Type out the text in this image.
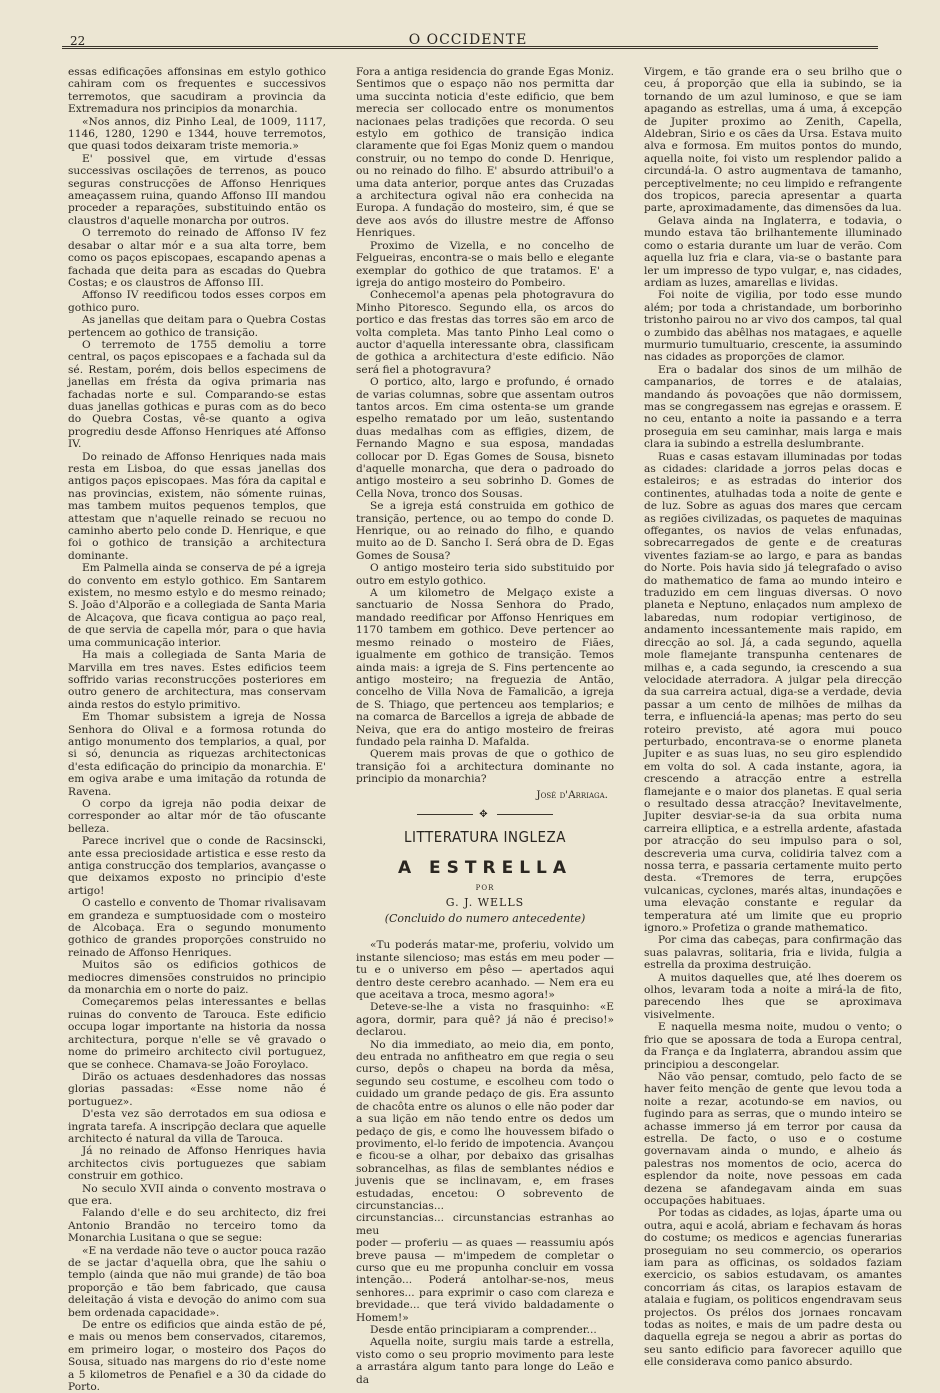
22	O OCCIDENTE

essas edificações affonsinas em estylo gothico cahiram com os frequentes e successivos terremotos, que sacudiram a provincia da Extremadura nos principios da monarchia.

«Nos annos, diz Pinho Leal, de 1009, 1117, 1146, 1280, 1290 e 1344, houve terremotos, que quasi todos deixaram triste memoria.»

E' possivel que, em virtude d'essas successivas oscilações de terrenos, as pouco seguras construcções de Affonso Henriques ameaçassem ruina, quando Affonso III mandou proceder a reparações, substituindo então os claustros d'aquelle monarcha por outros.

O terremoto do reinado de Affonso IV fez desabar o altar mór e a sua alta torre, bem como os paços episcopaes, escapando apenas a fachada que deita para as escadas do Quebra Costas; e os claustros de Affonso III.

Affonso IV reedificou todos esses corpos em gothico puro.

As janellas que deitam para o Quebra Costas pertencem ao gothico de transição.

O terremoto de 1755 demoliu a torre central, os paços episcopaes e a fachada sul da sé. Restam, porém, dois bellos especimens de janellas em frésta da ogiva primaria nas fachadas norte e sul. Comparando-se estas duas janellas gothicas e puras com as do beco do Quebra Costas, vê-se quanto a ogiva progrediu desde Affonso Henriques até Affonso IV.

Do reinado de Affonso Henriques nada mais resta em Lisboa, do que essas janellas dos antigos paços episcopaes. Mas fóra da capital e nas provincias, existem, não sómente ruinas, mas tambem muitos pequenos templos, que attestam que n'aquelle reinado se recuou no caminho aberto pelo conde D. Henrique, e que foi o gothico de transição a architectura dominante.

Em Palmella ainda se conserva de pé a igreja do convento em estylo gothico. Em Santarem existem, no mesmo estylo e do mesmo reinado; S. João d'Alporão e a collegiada de Santa Maria de Alcaçova, que ficava contigua ao paço real, de que servia de capella mór, para o que havia uma communicação interior.

Ha mais a collegiada de Santa Maria de Marvilla em tres naves. Estes edificios teem soffrido varias reconstrucções posteriores em outro genero de architectura, mas conservam ainda restos do estylo primitivo.

Em Thomar subsistem a igreja de Nossa Senhora do Olival e a formosa rotunda do antigo monumento dos templarios, a qual, por si só, denuncia as riquezas architectonicas d'esta edificação do principio da monarchia. E' em ogiva arabe e uma imitação da rotunda de Ravena.

O corpo da igreja não podia deixar de corresponder ao altar mór de tão ofuscante belleza.

Parece incrivel que o conde de Racsinscki, ante essa preciosidade artistica e esse resto da antiga construcção dos templarios, avançasse o que deixamos exposto no principio d'este artigo!

O castello e convento de Thomar rivalisavam em grandeza e sumptuosidade com o mosteiro de Alcobaça. Era o segundo monumento gothico de grandes proporções construido no reinado de Affonso Henriques.

Muitos são os edificios gothicos de mediocres dimensões construidos no principio da monarchia em o norte do paiz.

Começaremos pelas interessantes e bellas ruinas do convento de Tarouca. Este edificio occupa logar importante na historia da nossa architectura, porque n'elle se vê gravado o nome do primeiro architecto civil portuguez, que se conhece. Chamava-se João Foroylaco.

Dirão os actuaes desdenhadores das nossas glorias passadas: «Esse nome não é portuguez».

D'esta vez são derrotados em sua odiosa e ingrata tarefa. A inscripção declara que aquelle architecto é natural da villa de Tarouca.

Já no reinado de Affonso Henriques havia architectos civis portuguezes que sabiam construir em gothico.

No seculo XVII ainda o convento mostrava o que era.

Falando d'elle e do seu architecto, diz frei Antonio Brandão no terceiro tomo da Monarchia Lusitana o que se segue:

«E na verdade não teve o auctor pouca razão de se jactar d'aquella obra, que lhe sahiu o templo (ainda que não mui grande) de tão boa proporção e tão bem fabricado, que causa deleitação á vista e devoção do animo com sua bem ordenada capacidade».

De entre os edificios que ainda estão de pé, e mais ou menos bem conservados, citaremos, em primeiro logar, o mosteiro dos Paços do Sousa, situado nas margens do rio d'este nome a 5 kilometros de Penafiel e a 30 da cidade do Porto.

Fora a antiga residencia do grande Egas Moniz. Sentimos que o espaço não nos permitta dar uma succinta noticia d'este edificio, que bem merecia ser collocado entre os monumentos nacionaes pelas tradições que recorda. O seu estylo em gothico de transição indica claramente que foi Egas Moniz quem o mandou construir, ou no tempo do conde D. Henrique, ou no reinado do filho. E' absurdo attribuil'o a uma data anterior, porque antes das Cruzadas a architectura ogival não era conhecida na Europa. A fundação do mosteiro, sim, é que se deve aos avós do illustre mestre de Affonso Henriques.

Proximo de Vizella, e no concelho de Felgueiras, encontra-se o mais bello e elegante exemplar do gothico de que tratamos. E' a igreja do antigo mosteiro do Pombeiro.

Conhecemol'a apenas pela photogravura do Minho Pitoresco. Segundo ella, os arcos do portico e das frestas das torres são em arco de volta completa. Mas tanto Pinho Leal como o auctor d'aquella interessante obra, classificam de gothica a architectura d'este edificio. Não será fiel a photogravura?

O portico, alto, largo e profundo, é ornado de varias columnas, sobre que assentam outros tantos arcos. Em cima ostenta-se um grande espelho rematado por um leão, sustentando duas medalhas com as effigies, dizem, de Fernando Magno e sua esposa, mandadas collocar por D. Egas Gomes de Sousa, bisneto d'aquelle monarcha, que dera o padroado do antigo mosteiro a seu sobrinho D. Gomes de Cella Nova, tronco dos Sousas.

Se a igreja está construida em gothico de transição, pertence, ou ao tempo do conde D. Henrique, ou ao reinado do filho, e quando muito ao de D. Sancho I. Será obra de D. Egas Gomes de Sousa?

O antigo mosteiro teria sido substituido por outro em estylo gothico.

A um kilometro de Melgaço existe a sanctuario de Nossa Senhora do Prado, mandado reedificar por Affonso Henriques em 1170 tambem em gothico. Deve pertencer ao mesmo reinado o mosteiro de Fiães, igualmente em gothico de transição. Temos ainda mais: a igreja de S. Fins pertencente ao antigo mosteiro; na freguezia de Antão, concelho de Villa Nova de Famalicão, a igreja de S. Thiago, que pertenceu aos templarios; e na comarca de Barcellos a igreja de abbade de Neiva, que era do antigo mosteiro de freiras fundado pela rainha D. Mafalda.

Querem mais provas de que o gothico de transição foi a architectura dominante no principio da monarchia?

José d'Arriaga.
✥
LITTERATURA INGLEZA
A ESTRELLA
POR
G. J. WELLS
(Concluido do numero antecedente)

«Tu poderás matar-me, proferiu, volvido um instante silencioso; mas estás em meu poder — tu e o universo em pêso — apertados aqui dentro deste cerebro acanhado. — Nem era eu que aceitava a troca, mesmo agora!»

Deteve-se-lhe a vista no frasquinho: «E agora, dormir, para quê? já não é preciso!» declarou.

No dia immediato, ao meio dia, em ponto, deu entrada no anfitheatro em que regia o seu curso, depôs o chapeu na borda da mêsa, segundo seu costume, e escolheu com todo o cuidado um grande pedaço de gis. Era assunto de chacôta entre os alunos o elle não poder dar a sua lição em não tendo entre os dedos um pedaço de gis, e como lhe houvessem bifado o provimento, el-lo ferido de impotencia. Avançou e ficou-se a olhar, por debaixo das grisalhas sobrancelhas, as filas de semblantes nédios e juvenis que se inclinavam, e, em frases estudadas, encetou: O sobrevento de circunstancias...

circunstancias... circunstancias estranhas ao meu

poder — proferiu — as quaes — reassumiu após breve pausa — m'impedem de completar o curso que eu me propunha concluir em vossa intenção... Poderá antolhar-se-nos, meus senhores... para exprimir o caso com clareza e brevidade... que terá vivido baldadamente o Homem!»

Desde então principiaram a comprender...

Aquella noite, surgiu mais tarde a estrella, visto como o seu proprio movimento para leste a arrastára algum tanto para longe do Leão e da

Virgem, e tão grande era o seu brilho que o ceu, á proporção que ella ia subindo, se ia tornando de um azul luminoso, e que se iam apagando as estrellas, uma á uma, á excepção de Jupiter proximo ao Zenith, Capella, Aldebran, Sirio e os cães da Ursa. Estava muito alva e formosa. Em muitos pontos do mundo, aquella noite, foi visto um resplendor palido a circundá-la. O astro augmentava de tamanho, perceptivelmente; no ceu limpido e refrangente dos tropicos, parecia apresentar a quarta parte, aproximadamente, das dimensões da lua.

Gelava ainda na Inglaterra, e todavia, o mundo estava tão brilhantemente illuminado como o estaria durante um luar de verão. Com aquella luz fria e clara, via-se o bastante para ler um impresso de typo vulgar, e, nas cidades, ardiam as luzes, amarellas e lividas.

Foi noite de vigilia, por todo esse mundo além; por toda a christandade, um borborinho tristonho pairou no ar vivo dos campos, tal qual o zumbido das abêlhas nos matagaes, e aquelle murmurio tumultuario, crescente, ia assumindo nas cidades as proporções de clamor.

Era o badalar dos sinos de um milhão de campanarios, de torres e de atalaias, mandando ás povoações que não dormissem, mas se congregassem nas egrejas e orassem. E no ceu, entanto a noite ia passando e a terra proseguia em seu caminhar, mais larga e mais clara ia subindo a estrella deslumbrante.

Ruas e casas estavam illuminadas por todas as cidades: claridade a jorros pelas docas e estaleiros; e as estradas do interior dos continentes, atulhadas toda a noite de gente e de luz. Sobre as aguas dos mares que cercam as regiões civilizadas, os paquetes de maquinas offegantes, os navios de velas enfunadas, sobrecarregados de gente e de creaturas viventes faziam-se ao largo, e para as bandas do Norte. Pois havia sido já telegrafado o aviso do mathematico de fama ao mundo inteiro e traduzido em cem linguas diversas. O novo planeta e Neptuno, enlaçados num amplexo de labaredas, num rodopiar vertiginoso, de andamento incessantemente mais rapido, em direcção ao sol. Já, a cada segundo, aquella mole flamejante transpunha centenares de milhas e, a cada segundo, ia crescendo a sua velocidade aterradora. A julgar pela direcção da sua carreira actual, diga-se a verdade, devia passar a um cento de milhões de milhas da terra, e influenciá-la apenas; mas perto do seu roteiro previsto, até agora mui pouco perturbado, encontrava-se o enorme planeta Jupiter e as suas luas, no seu giro esplendido em volta do sol. A cada instante, agora, ia crescendo a atracção entre a estrella flamejante e o maior dos planetas. E qual seria o resultado dessa atracção? Inevitavelmente, Jupiter desviar-se-ia da sua orbita numa carreira elliptica, e a estrella ardente, afastada por atracção do seu impulso para o sol, descreveria uma curva, colidiria talvez com a nossa terra, e passaria certamente muito perto desta. «Tremores de terra, erupções vulcanicas, cyclones, marés altas, inundações e uma elevação constante e regular da temperatura até um limite que eu proprio ignoro.» Profetiza o grande mathematico.

Por cima das cabeças, para confirmação das suas palavras, solitaria, fria e livida, fulgia a estrella da proxima destruição.

A muitos daquelles que, até lhes doerem os olhos, levaram toda a noite a mirá-la de fito, parecendo lhes que se aproximava visivelmente.

E naquella mesma noite, mudou o vento; o frio que se apossara de toda a Europa central, da França e da Inglaterra, abrandou assim que principiou a descongelar.

Não vão pensar, comtudo, pelo facto de se haver feito menção de gente que levou toda a noite a rezar, acotundo-se em navios, ou fugindo para as serras, que o mundo inteiro se achasse immerso já em terror por causa da estrella. De facto, o uso e o costume governavam ainda o mundo, e alheio ás palestras nos momentos de ocio, acerca do esplendor da noite, nove pessoas em cada dezena se afandegavam ainda em suas occupações habituaes.

Por todas as cidades, as lojas, áparte uma ou outra, aqui e acolá, abriam e fechavam ás horas do costume; os medicos e agencias funerarias proseguiam no seu commercio, os operarios iam para as officinas, os soldados faziam exercicio, os sabios estudavam, os amantes concorriam ás citas, os larapios estavam de atalaia e fugiam, os politicos engendravam seus projectos. Os prélos dos jornaes roncavam todas as noites, e mais de um padre desta ou daquella egreja se negou a abrir as portas do seu santo edificio para favorecer aquillo que elle considerava como panico absurdo.
